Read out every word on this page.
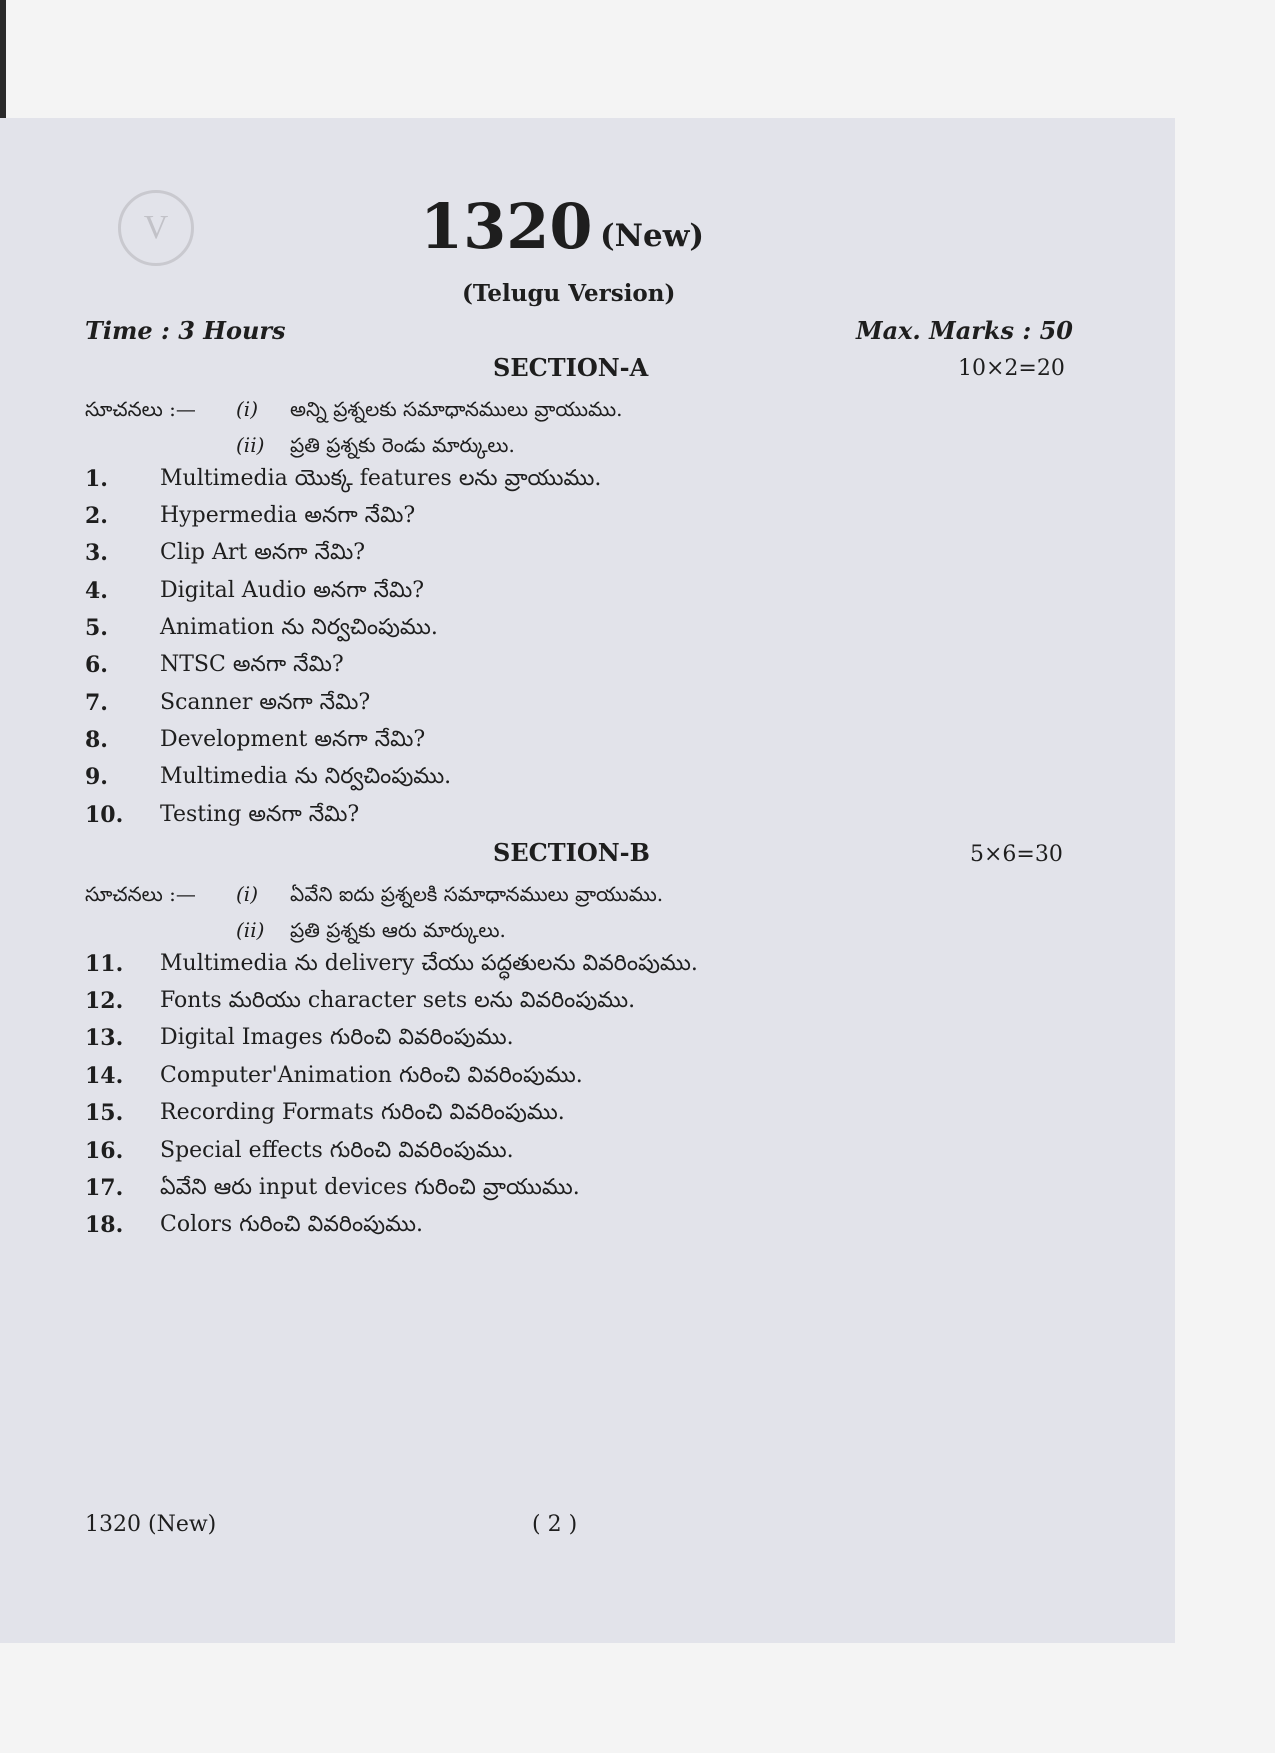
V	1320 (New)
(Telugu Version)
Time : 3 Hours	Max. Marks : 50
SECTION-A	10×2=20
సూచనలు :— (i) అన్ని ప్రశ్నలకు సమాధానములు వ్రాయుము.
(ii) ప్రతి ప్రశ్నకు రెండు మార్కులు.
1.	Multimedia యొక్క features లను వ్రాయుము.
2.	Hypermedia అనగా నేమి?
3.	Clip Art అనగా నేమి?
4.	Digital Audio అనగా నేమి?
5.	Animation ను నిర్వచింపుము.
6.	NTSC అనగా నేమి?
7.	Scanner అనగా నేమి?
8.	Development అనగా నేమి?
9.	Multimedia ను నిర్వచింపుము.
10.	Testing అనగా నేమి?
SECTION-B	5×6=30
సూచనలు :— (i) ఏవేని ఐదు ప్రశ్నలకి సమాధానములు వ్రాయుము.
(ii) ప్రతి ప్రశ్నకు ఆరు మార్కులు.
11.	Multimedia ను delivery చేయు పద్ధతులను వివరింపుము.
12.	Fonts మరియు character sets లను వివరింపుము.
13.	Digital Images గురించి వివరింపుము.
14.	Computer'Animation గురించి వివరింపుము.
15.	Recording Formats గురించి వివరింపుము.
16.	Special effects గురించి వివరింపుము.
17.	ఏవేని ఆరు input devices గురించి వ్రాయుము.
18.	Colors గురించి వివరింపుము.
1320 (New)	( 2 )
